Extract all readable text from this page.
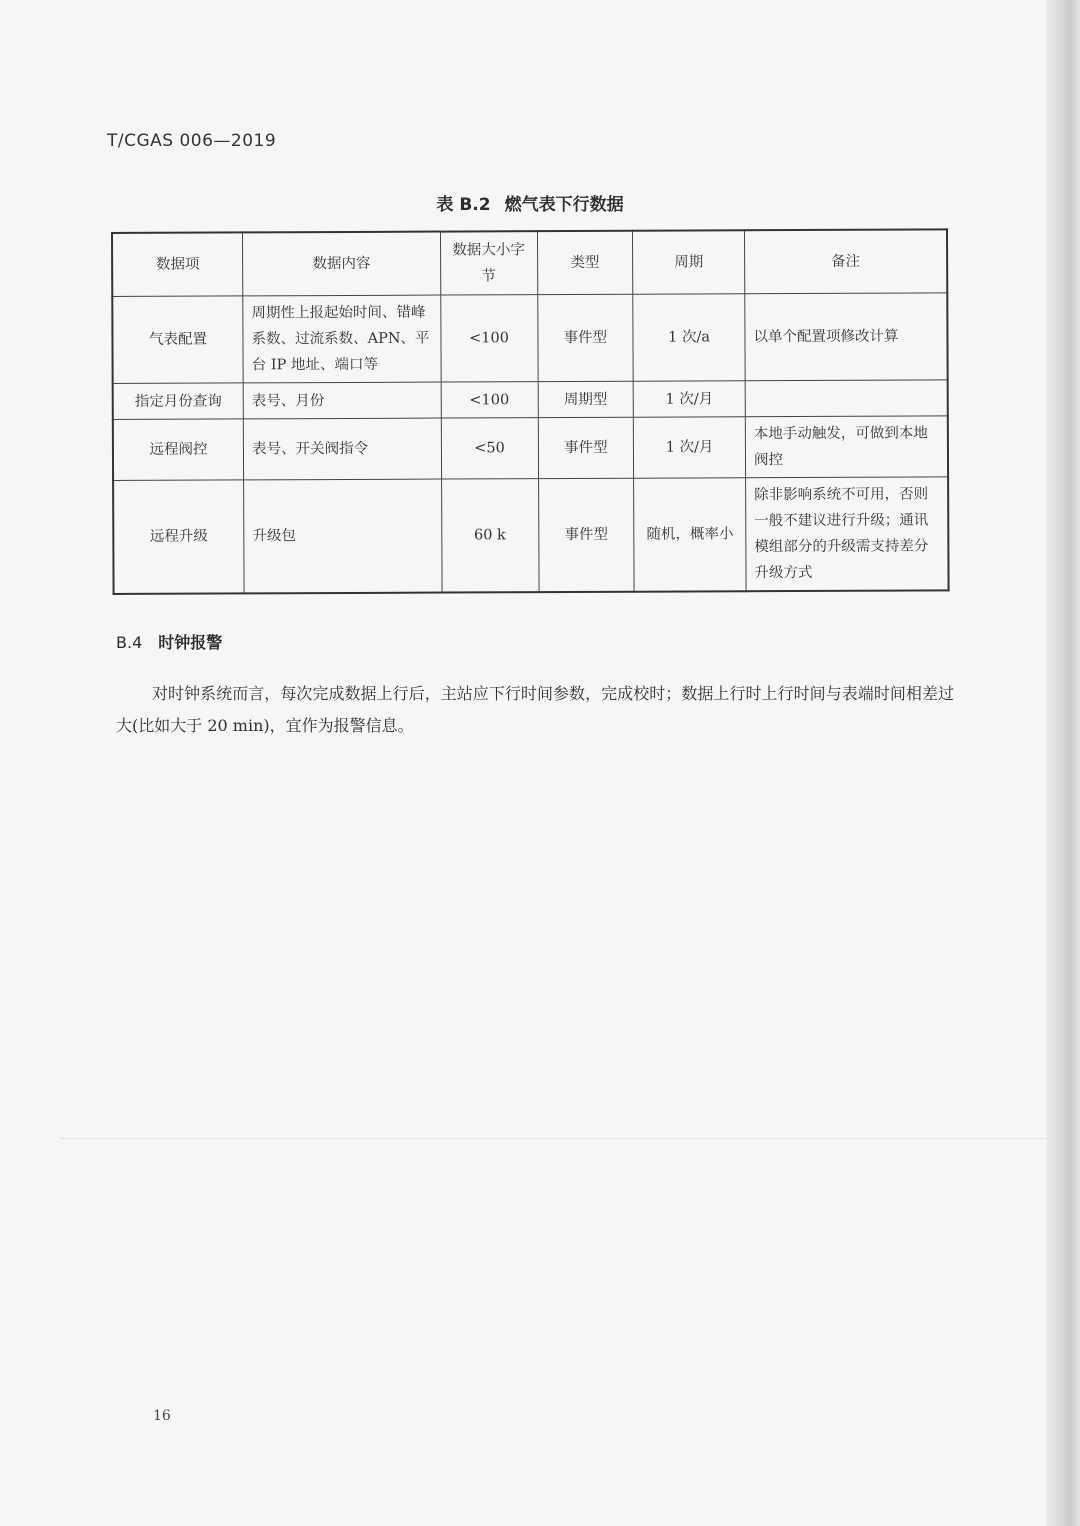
T/CGAS 006—2019
表 B.2 燃气表下行数据
数据项	数据内容	数据大小字节	类型	周期	备注
气表配置	周期性上报起始时间、错峰系数、过流系数、APN、平台 IP 地址、端口等	<100	事件型	1 次/a	以单个配置项修改计算
指定月份查询	表号、月份	<100	周期型	1 次/月	
远程阀控	表号、开关阀指令	<50	事件型	1 次/月	本地手动触发，可做到本地阀控
远程升级	升级包	60 k	事件型	随机，概率小	除非影响系统不可用，否则一般不建议进行升级；通讯模组部分的升级需支持差分升级方式
B.4 时钟报警

对时钟系统而言，每次完成数据上行后，主站应下行时间参数，完成校时；数据上行时上行时间与表端时间相差过大(比如大于 20 min)，宜作为报警信息。

16
